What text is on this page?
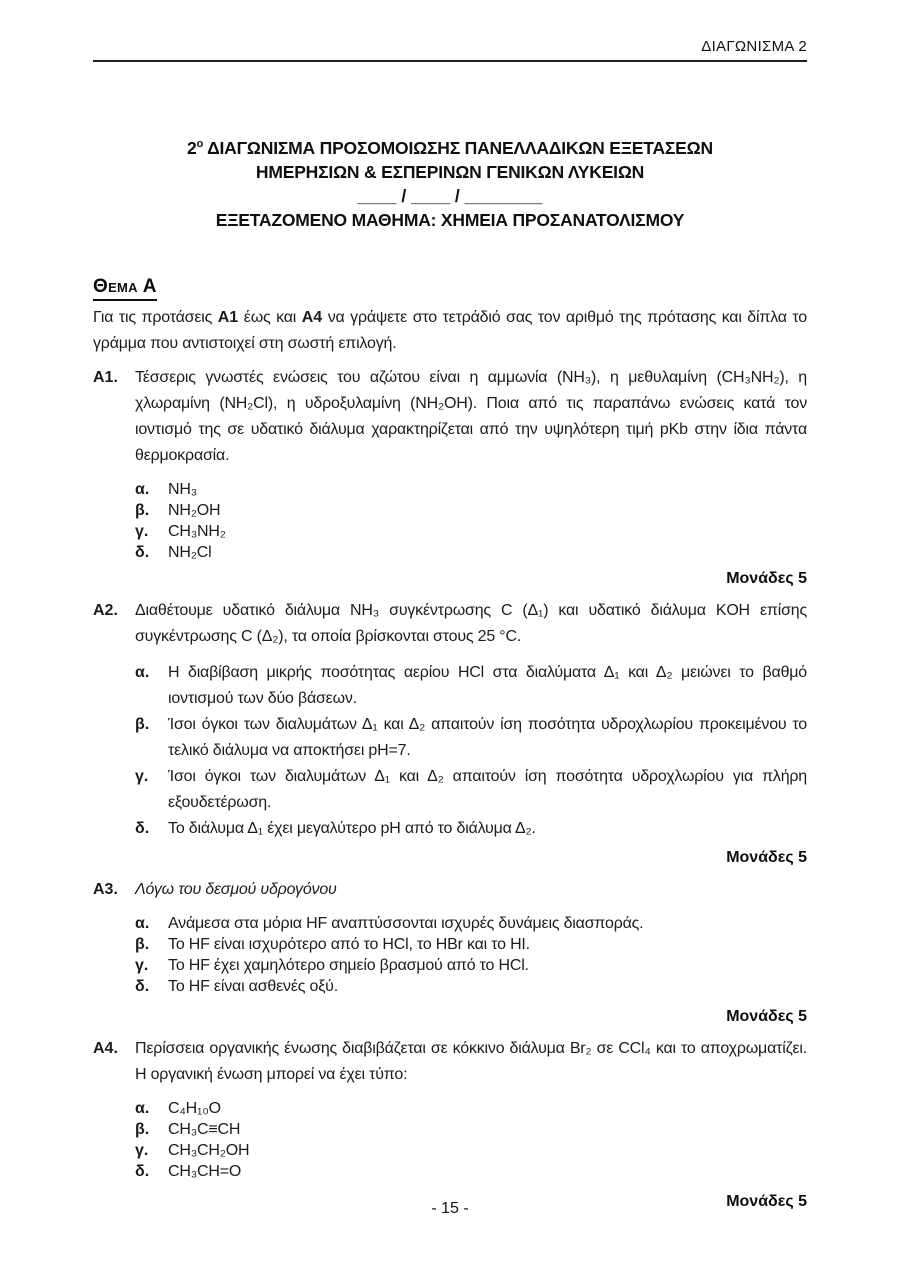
ΔΙΑΓΩΝΙΣΜΑ 2
$2^o$ ΔΙΑΓΩΝΙΣΜΑ ΠΡΟΣΟΜΟΙΩΣΗΣ ΠΑΝΕΛΛΑΔΙΚΩΝ ΕΞΕΤΑΣΕΩΝ
ΗΜΕΡΗΣΙΩΝ & ΕΣΠΕΡΙΝΩΝ ΓΕΝΙΚΩΝ ΛΥΚΕΙΩΝ
____ / ____ / ________
ΕΞΕΤΑΖΟΜΕΝΟ ΜΑΘΗΜΑ: ΧΗΜΕΙΑ ΠΡΟΣΑΝΑΤΟΛΙΣΜΟΥ
Θεμα Α

Για τις προτάσεις Α1 έως και Α4 να γράψετε στο τετράδιό σας τον αριθμό της πρότασης και δίπλα το γράμμα που αντιστοιχεί στη σωστή επιλογή.

Α1.	Τέσσερις γνωστές ενώσεις του αζώτου είναι η αμμωνία (NH₃), η μεθυλαμίνη (CH₃NH₂), η χλωραμίνη (NH₂Cl), η υδροξυλαμίνη (NH₂OH). Ποια από τις παραπάνω ενώσεις κατά τον ιοντισμό της σε υδατικό διάλυμα χαρακτηρίζεται από την υψηλότερη τιμή pKb στην ίδια πάντα θερμοκρασία.

α.	NH₃
β.	NH₂OH
γ.	CH₃NH₂
δ.	NH₂Cl
Μονάδες 5
Α2.	Διαθέτουμε υδατικό διάλυμα NH₃ συγκέντρωσης C (Δ₁) και υδατικό διάλυμα KOH επίσης συγκέντρωσης C (Δ₂), τα οποία βρίσκονται στους 25 °C.

α.	Η διαβίβαση μικρής ποσότητας αερίου HCl στα διαλύματα Δ₁ και Δ₂ μειώνει το βαθμό ιοντισμού των δύο βάσεων.
β.	Ίσοι όγκοι των διαλυμάτων Δ₁ και Δ₂ απαιτούν ίση ποσότητα υδροχλωρίου προκειμένου το τελικό διάλυμα να αποκτήσει pH=7.
γ.	Ίσοι όγκοι των διαλυμάτων Δ₁ και Δ₂ απαιτούν ίση ποσότητα υδροχλωρίου για πλήρη εξουδετέρωση.
δ.	Το διάλυμα Δ₁ έχει μεγαλύτερο pH από το διάλυμα Δ₂.
Μονάδες 5
Α3.	Λόγω του δεσμού υδρογόνου

α.	Ανάμεσα στα μόρια HF αναπτύσσονται ισχυρές δυνάμεις διασποράς.
β.	Το HF είναι ισχυρότερο από το HCl, το HBr και το HI.
γ.	Το HF έχει χαμηλότερο σημείο βρασμού από το HCl.
δ.	Το HF είναι ασθενές οξύ.
Μονάδες 5
Α4.	Περίσσεια οργανικής ένωσης διαβιβάζεται σε κόκκινο διάλυμα Br₂ σε CCl₄ και το αποχρωματίζει. Η οργανική ένωση μπορεί να έχει τύπο:

α.	C₄H₁₀O
β.	CH₃C≡CH
γ.	CH₃CH₂OH
δ.	CH₃CH=O
Μονάδες 5
- 15 -
